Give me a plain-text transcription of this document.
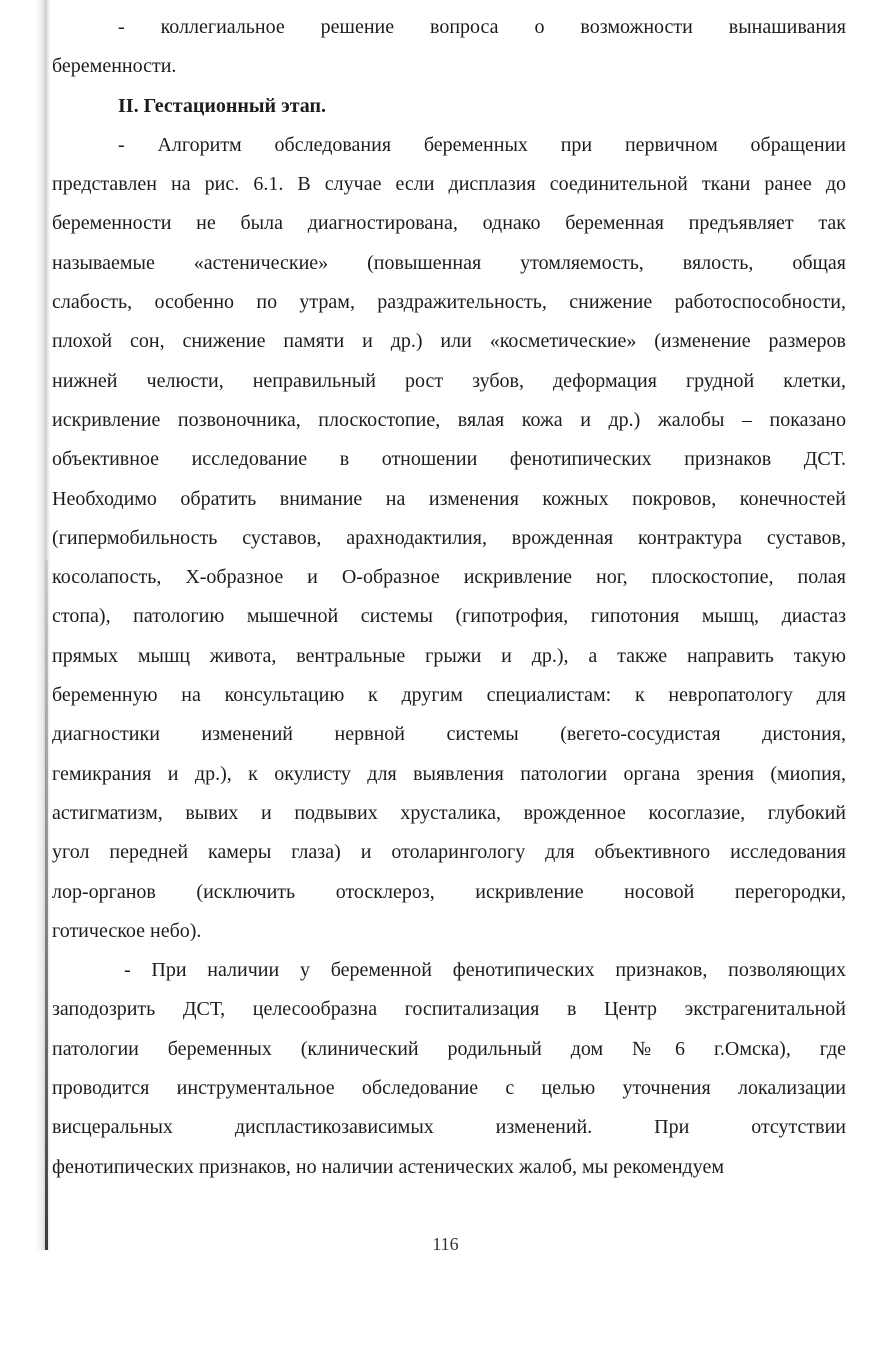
- коллегиальное решение вопроса о возможности вынашивания
беременности.
II. Гестационный этап.
- Алгоритм обследования беременных при первичном обращении
представлен на рис. 6.1. В случае если дисплазия соединительной ткани ранее до
беременности не была диагностирована, однако беременная предъявляет так
называемые «астенические» (повышенная утомляемость, вялость, общая
слабость, особенно по утрам, раздражительность, снижение работоспособности,
плохой сон, снижение памяти и др.) или «косметические» (изменение размеров
нижней челюсти, неправильный рост зубов, деформация грудной клетки,
искривление позвоночника, плоскостопие, вялая кожа и др.) жалобы – показано
объективное исследование в отношении фенотипических признаков ДСТ.
Необходимо обратить внимание на изменения кожных покровов, конечностей
(гипермобильность суставов, арахнодактилия, врожденная контрактура суставов,
косолапость, Х-образное и О-образное искривление ног, плоскостопие, полая
стопа), патологию мышечной системы (гипотрофия, гипотония мышц, диастаз
прямых мышц живота, вентральные грыжи и др.), а также направить такую
беременную на консультацию к другим специалистам: к невропатологу для
диагностики изменений нервной системы (вегето-сосудистая дистония,
гемикрания и др.), к окулисту для выявления патологии органа зрения (миопия,
астигматизм, вывих и подвывих хрусталика, врожденное косоглазие, глубокий
угол передней камеры глаза) и отоларингологу для объективного исследования
лор-органов (исключить отосклероз, искривление носовой перегородки,
готическое небо).
- При наличии у беременной фенотипических признаков, позволяющих
заподозрить ДСТ, целесообразна госпитализация в Центр экстрагенитальной
патологии беременных (клинический родильный дом №6 г.Омска), где
проводится инструментальное обследование с целью уточнения локализации
висцеральных диспластикозависимых изменений. При отсутствии
фенотипических признаков, но наличии астенических жалоб, мы рекомендуем
116
